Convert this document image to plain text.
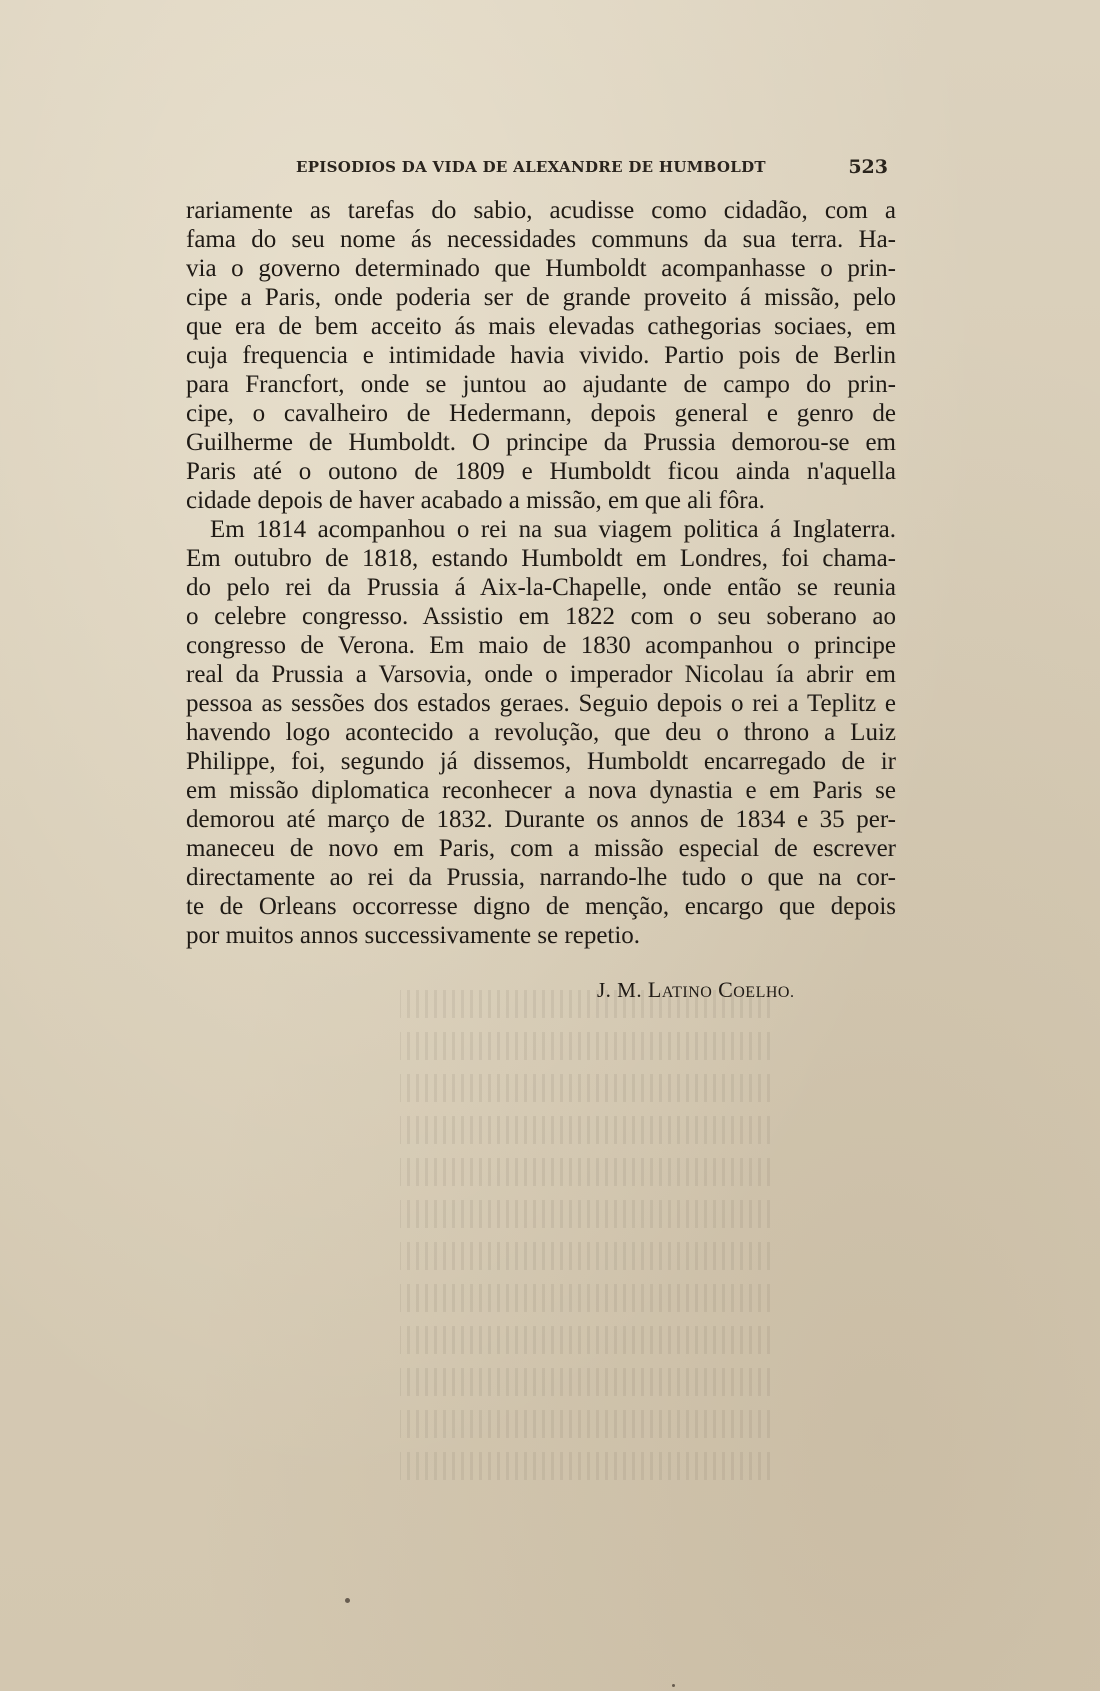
EPISODIOS DA VIDA DE ALEXANDRE DE HUMBOLDT	523
rariamente as tarefas do sabio, acudisse como cidadão, com a
fama do seu nome ás necessidades communs da sua terra. Ha-
via o governo determinado que Humboldt acompanhasse o prin-
cipe a Paris, onde poderia ser de grande proveito á missão, pelo
que era de bem acceito ás mais elevadas cathegorias sociaes, em
cuja frequencia e intimidade havia vivido. Partio pois de Berlin
para Francfort, onde se juntou ao ajudante de campo do prin-
cipe, o cavalheiro de Hedermann, depois general e genro de
Guilherme de Humboldt. O principe da Prussia demorou-se em
Paris até o outono de 1809 e Humboldt ficou ainda n'aquella
cidade depois de haver acabado a missão, em que ali fôra.
Em 1814 acompanhou o rei na sua viagem politica á Inglaterra.
Em outubro de 1818, estando Humboldt em Londres, foi chama-
do pelo rei da Prussia á Aix-la-Chapelle, onde então se reunia
o celebre congresso. Assistio em 1822 com o seu soberano ao
congresso de Verona. Em maio de 1830 acompanhou o principe
real da Prussia a Varsovia, onde o imperador Nicolau ía abrir em
pessoa as sessões dos estados geraes. Seguio depois o rei a Teplitz e
havendo logo acontecido a revolução, que deu o throno a Luiz
Philippe, foi, segundo já dissemos, Humboldt encarregado de ir
em missão diplomatica reconhecer a nova dynastia e em Paris se
demorou até março de 1832. Durante os annos de 1834 e 35 per-
maneceu de novo em Paris, com a missão especial de escrever
directamente ao rei da Prussia, narrando-lhe tudo o que na cor-
te de Orleans occorresse digno de menção, encargo que depois
por muitos annos successivamente se repetio.
J. M. LATINO COELHO.
